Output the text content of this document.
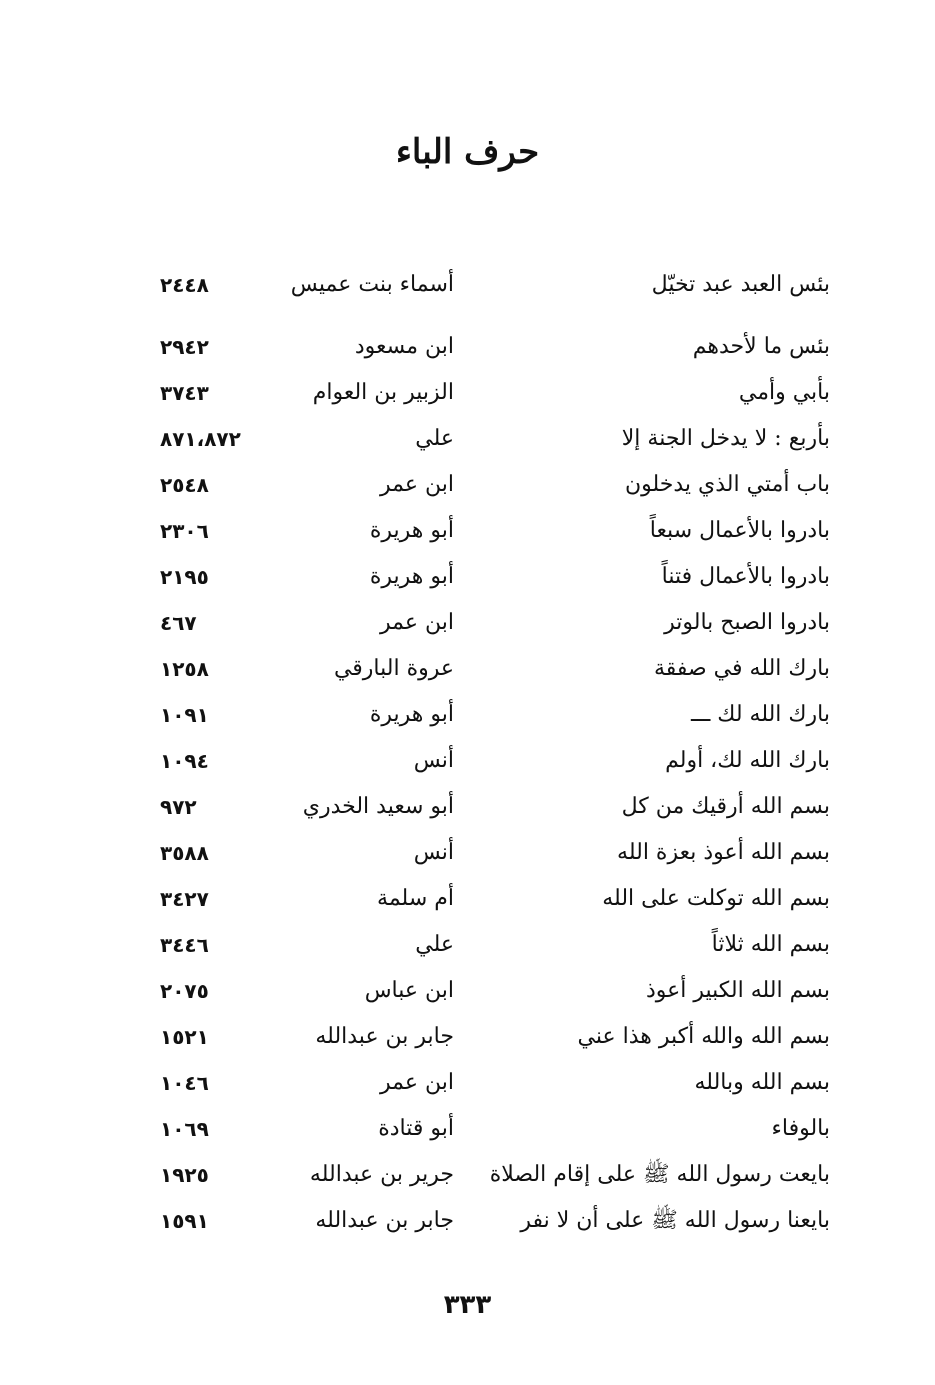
حرف الباء
بئس العبد عبد تخيّل
أسماء بنت عميس
٢٤٤٨
بئس ما لأحدهم
ابن مسعود
٢٩٤٢
بأبي وأمي
الزبير بن العوام
٣٧٤٣
بأربع : لا يدخل الجنة إلا
علي
٨٧١،٨٧٢
باب أمتي الذي يدخلون
ابن عمر
٢٥٤٨
بادروا بالأعمال سبعاً
أبو هريرة
٢٣٠٦
بادروا بالأعمال فتناً
أبو هريرة
٢١٩٥
بادروا الصبح بالوتر
ابن عمر
٤٦٧
بارك الله في صفقة
عروة البارقي
١٢٥٨
بارك الله لك ـــ
أبو هريرة
١٠٩١
بارك الله لك، أولم
أنس
١٠٩٤
بسم الله أرقيك من كل
أبو سعيد الخدري
٩٧٢
بسم الله أعوذ بعزة الله
أنس
٣٥٨٨
بسم الله توكلت على الله
أم سلمة
٣٤٢٧
بسم الله ثلاثاً
علي
٣٤٤٦
بسم الله الكبير أعوذ
ابن عباس
٢٠٧٥
بسم الله والله أكبر هذا عني
جابر بن عبدالله
١٥٢١
بسم الله وبالله
ابن عمر
١٠٤٦
بالوفاء
أبو قتادة
١٠٦٩
بايعت رسول الله ﷺ على إقام الصلاة
جرير بن عبدالله
١٩٢٥
بايعنا رسول الله ﷺ على أن لا نفر
جابر بن عبدالله
١٥٩١
٣٣٣
